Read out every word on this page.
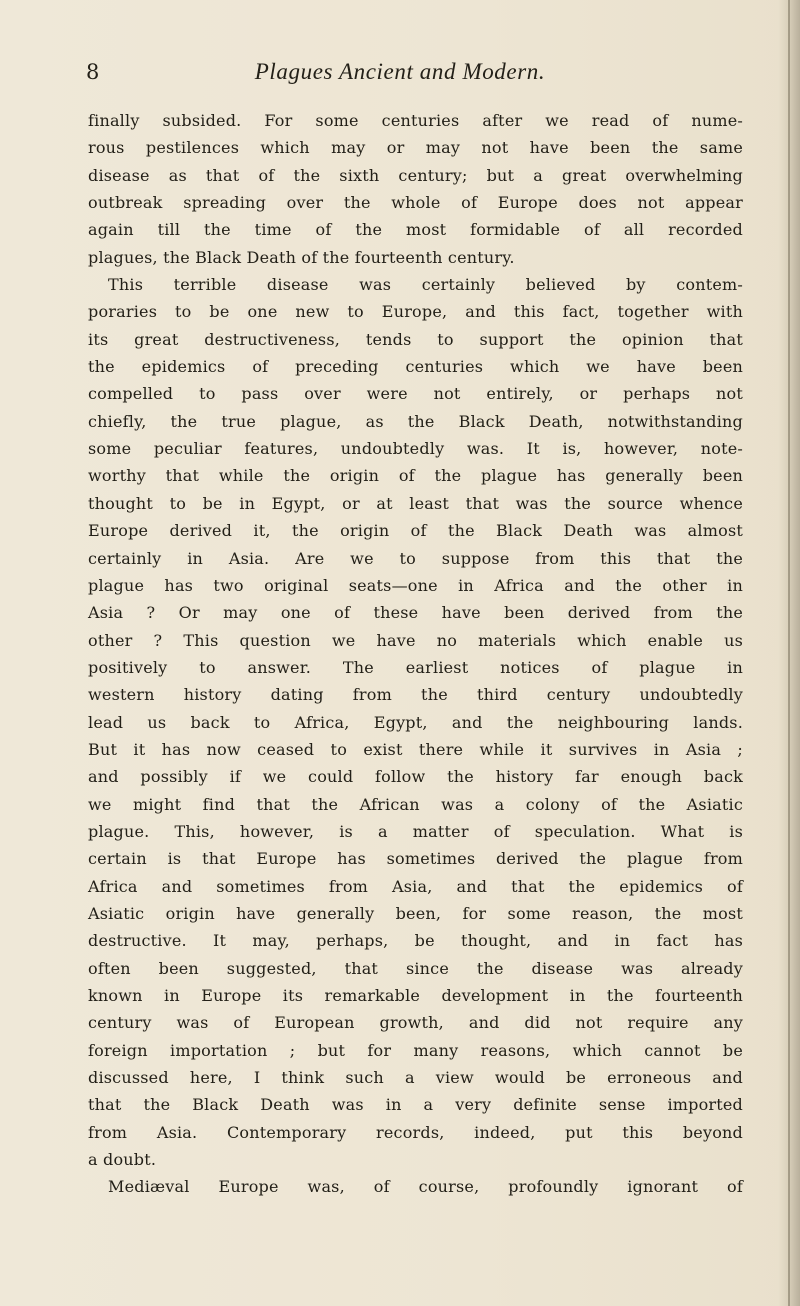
8	Plagues Ancient and Modern.
finally subsided. For some centuries after we read of nume-
rous pestilences which may or may not have been the same
disease as that of the sixth century; but a great overwhelming
outbreak spreading over the whole of Europe does not appear
again till the time of the most formidable of all recorded
plagues, the Black Death of the fourteenth century.
This terrible disease was certainly believed by contem-
poraries to be one new to Europe, and this fact, together with
its great destructiveness, tends to support the opinion that
the epidemics of preceding centuries which we have been
compelled to pass over were not entirely, or perhaps not
chiefly, the true plague, as the Black Death, notwithstanding
some peculiar features, undoubtedly was. It is, however, note-
worthy that while the origin of the plague has generally been
thought to be in Egypt, or at least that was the source whence
Europe derived it, the origin of the Black Death was almost
certainly in Asia. Are we to suppose from this that the
plague has two original seats—one in Africa and the other in
Asia ? Or may one of these have been derived from the
other ? This question we have no materials which enable us
positively to answer. The earliest notices of plague in
western history dating from the third century undoubtedly
lead us back to Africa, Egypt, and the neighbouring lands.
But it has now ceased to exist there while it survives in Asia ;
and possibly if we could follow the history far enough back
we might find that the African was a colony of the Asiatic
plague. This, however, is a matter of speculation. What is
certain is that Europe has sometimes derived the plague from
Africa and sometimes from Asia, and that the epidemics of
Asiatic origin have generally been, for some reason, the most
destructive. It may, perhaps, be thought, and in fact has
often been suggested, that since the disease was already
known in Europe its remarkable development in the fourteenth
century was of European growth, and did not require any
foreign importation ; but for many reasons, which cannot be
discussed here, I think such a view would be erroneous and
that the Black Death was in a very definite sense imported
from Asia. Contemporary records, indeed, put this beyond
a doubt.
Mediæval Europe was, of course, profoundly ignorant of
